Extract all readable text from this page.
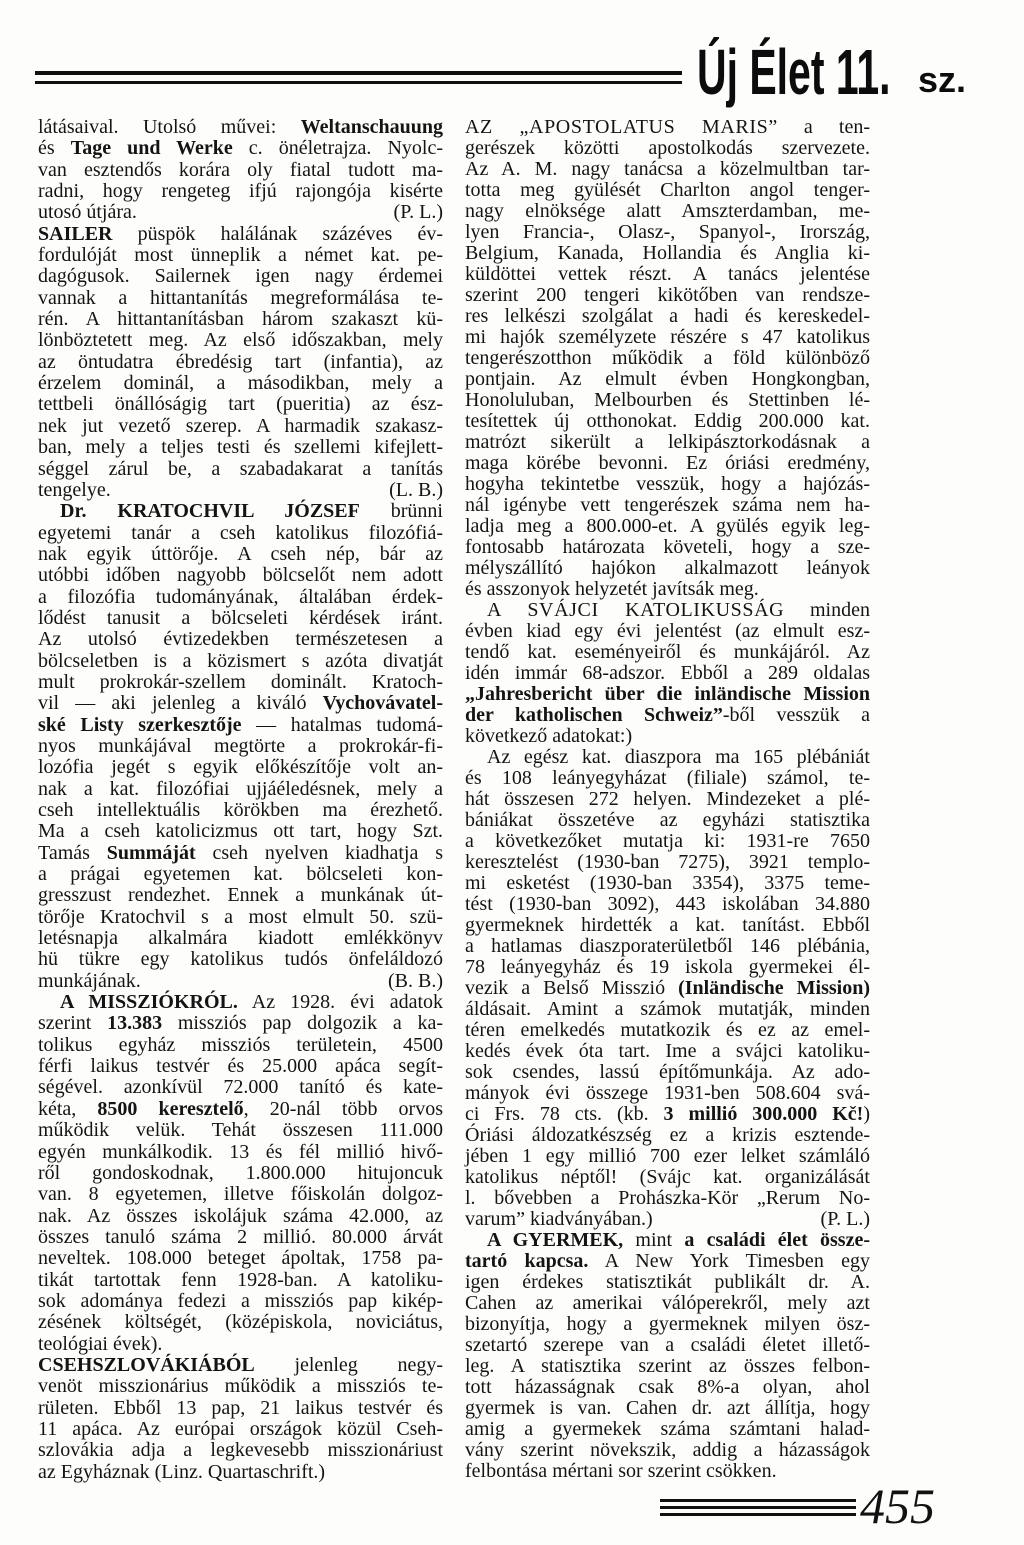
Új Élet 11. sz.
látásaival. Utolsó művei: Weltanschauung
és Tage und Werke c. önéletrajza. Nyolc-
van esztendős korára oly fiatal tudott ma-
radni, hogy rengeteg ifjú rajongója kisérte
utosó útjára.	(P. L.)
SAILER püspök halálának százéves év-
fordulóját most ünneplik a német kat. pe-
dagógusok. Sailernek igen nagy érdemei
vannak a hittantanítás megreformálása te-
rén. A hittantanításban három szakaszt kü-
lönböztetett meg. Az első időszakban, mely
az öntudatra ébredésig tart (infantia), az
érzelem dominál, a másodikban, mely a
tettbeli önállóságig tart (pueritia) az ész-
nek jut vezető szerep. A harmadik szakasz-
ban, mely a teljes testi és szellemi kifejlett-
séggel zárul be, a szabadakarat a tanítás
tengelye.	(L. B.)
Dr. KRATOCHVIL JÓZSEF brünni
egyetemi tanár a cseh katolikus filozófiá-
nak egyik úttörője. A cseh nép, bár az
utóbbi időben nagyobb bölcselőt nem adott
a filozófia tudományának, általában érdek-
lődést tanusit a bölcseleti kérdések iránt.
Az utolsó évtizedekben természetesen a
bölcseletben is a közismert s azóta divatját
mult prokrokár-szellem dominált. Kratoch-
vil — aki jelenleg a kiváló Vychovávatel-
ské Listy szerkesztője — hatalmas tudomá-
nyos munkájával megtörte a prokrokár-fi-
lozófia jegét s egyik előkészítője volt an-
nak a kat. filozófiai ujjáéledésnek, mely a
cseh intellektuális körökben ma érezhető.
Ma a cseh katolicizmus ott tart, hogy Szt.
Tamás Summáját cseh nyelven kiadhatja s
a prágai egyetemen kat. bölcseleti kon-
gresszust rendezhet. Ennek a munkának út-
törője Kratochvil s a most elmult 50. szü-
letésnapja alkalmára kiadott emlékkönyv
hü tükre egy katolikus tudós önfeláldozó
munkájának.	(B. B.)
A MISSZIÓKRÓL. Az 1928. évi adatok
szerint 13.383 missziós pap dolgozik a ka-
tolikus egyház missziós területein, 4500
férfi laikus testvér és 25.000 apáca segít-
ségével. azonkívül 72.000 tanító és kate-
kéta, 8500 keresztelő, 20-nál több orvos
működik velük. Tehát összesen 111.000
egyén munkálkodik. 13 és fél millió hivő-
ről gondoskodnak, 1.800.000 hitujoncuk
van. 8 egyetemen, illetve főiskolán dolgoz-
nak. Az összes iskolájuk száma 42.000, az
összes tanuló száma 2 millió. 80.000 árvát
neveltek. 108.000 beteget ápoltak, 1758 pa-
tikát tartottak fenn 1928-ban. A katoliku-
sok adománya fedezi a missziós pap kikép-
zésének költségét, (középiskola, noviciátus,
teológiai évek).
CSEHSZLOVÁKIÁBÓL jelenleg negy-
venöt misszionárius működik a missziós te-
rületen. Ebből 13 pap, 21 laikus testvér és
11 apáca. Az európai országok közül Cseh-
szlovákia adja a legkevesebb misszionáriust
az Egyháznak (Linz. Quartaschrift.)
AZ „APOSTOLATUS MARIS” a ten-
gerészek közötti apostolkodás szervezete.
Az A. M. nagy tanácsa a közelmultban tar-
totta meg gyülését Charlton angol tenger-
nagy elnöksége alatt Amszterdamban, me-
lyen Francia-, Olasz-, Spanyol-, Irország,
Belgium, Kanada, Hollandia és Anglia ki-
küldöttei vettek részt. A tanács jelentése
szerint 200 tengeri kikötőben van rendsze-
res lelkészi szolgálat a hadi és kereskedel-
mi hajók személyzete részére s 47 katolikus
tengerészotthon működik a föld különböző
pontjain. Az elmult évben Hongkongban,
Honoluluban, Melbourben és Stettinben lé-
tesítettek új otthonokat. Eddig 200.000 kat.
matrózt sikerült a lelkipásztorkodásnak a
maga körébe bevonni. Ez óriási eredmény,
hogyha tekintetbe vesszük, hogy a hajózás-
nál igénybe vett tengerészek száma nem ha-
ladja meg a 800.000-et. A gyülés egyik leg-
fontosabb határozata követeli, hogy a sze-
mélyszállító hajókon alkalmazott leányok
és asszonyok helyzetét javítsák meg.
A SVÁJCI KATOLIKUSSÁG minden
évben kiad egy évi jelentést (az elmult esz-
tendő kat. eseményeiről és munkájáról. Az
idén immár 68-adszor. Ebből a 289 oldalas
„Jahresbericht über die inländische Mission
der katholischen Schweiz”-ből vesszük a
következő adatokat:)
Az egész kat. diaszpora ma 165 plébániát
és 108 leányegyházat (filiale) számol, te-
hát összesen 272 helyen. Mindezeket a plé-
bániákat összetéve az egyházi statisztika
a következőket mutatja ki: 1931-re 7650
keresztelést (1930-ban 7275), 3921 templo-
mi esketést (1930-ban 3354), 3375 teme-
tést (1930-ban 3092), 443 iskolában 34.880
gyermeknek hirdették a kat. tanítást. Ebből
a hatlamas diaszporaterületből 146 plébánia,
78 leányegyház és 19 iskola gyermekei él-
vezik a Belső Misszió (Inländische Mission)
áldásait. Amint a számok mutatják, minden
téren emelkedés mutatkozik és ez az emel-
kedés évek óta tart. Ime a svájci katoliku-
sok csendes, lassú építőmunkája. Az ado-
mányok évi összege 1931-ben 508.604 svá-
ci Frs. 78 cts. (kb. 3 millió 300.000 Kč!)
Óriási áldozatkészség ez a krizis esztende-
jében 1 egy millió 700 ezer lelket számláló
katolikus néptől! (Svájc kat. organizálását
l. bővebben a Prohászka-Kör „Rerum No-
varum” kiadványában.)	(P. L.)
A GYERMEK, mint a családi élet össze-
tartó kapcsa. A New York Timesben egy
igen érdekes statisztikát publikált dr. A.
Cahen az amerikai válóperekről, mely azt
bizonyítja, hogy a gyermeknek milyen ösz-
szetartó szerepe van a családi életet illető-
leg. A statisztika szerint az összes felbon-
tott házasságnak csak 8%-a olyan, ahol
gyermek is van. Cahen dr. azt állítja, hogy
amig a gyermekek száma számtani halad-
vány szerint növekszik, addig a házasságok
felbontása mértani sor szerint csökken.
455
